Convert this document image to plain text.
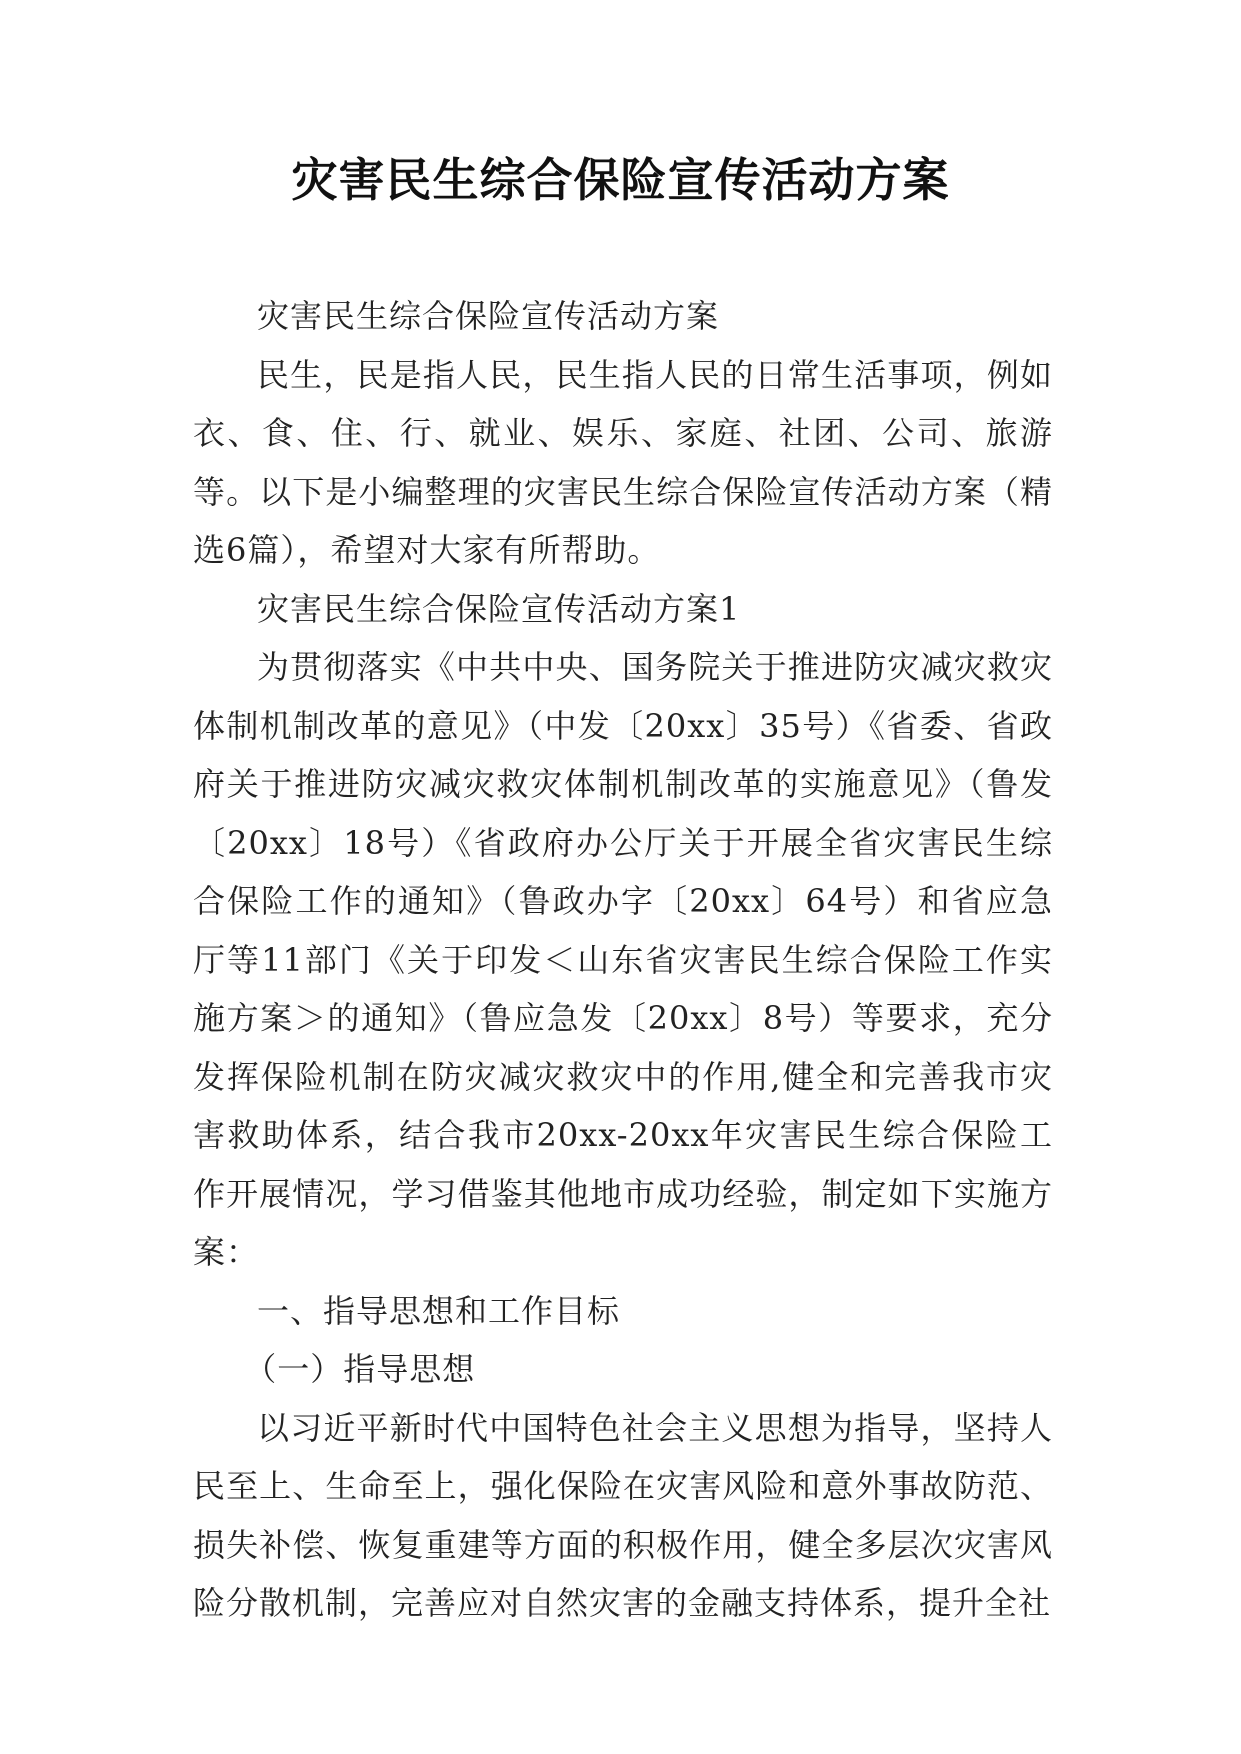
灾害民生综合保险宣传活动方案

灾害民生综合保险宣传活动方案

民生，民是指人民，民生指人民的日常生活事项，例如衣、食、住、行、就业、娱乐、家庭、社团、公司、旅游等。以下是小编整理的灾害民生综合保险宣传活动方案（精选6篇），希望对大家有所帮助。

灾害民生综合保险宣传活动方案1

为贯彻落实《中共中央、国务院关于推进防灾减灾救灾体制机制改革的意见》（中发〔20xx〕35号）《省委、省政府关于推进防灾减灾救灾体制机制改革的实施意见》（鲁发〔20xx〕18号）《省政府办公厅关于开展全省灾害民生综合保险工作的通知》（鲁政办字〔20xx〕64号）和省应急厅等11部门《关于印发＜山东省灾害民生综合保险工作实施方案＞的通知》（鲁应急发〔20xx〕8号）等要求，充分发挥保险机制在防灾减灾救灾中的作用,健全和完善我市灾害救助体系，结合我市20xx-20xx年灾害民生综合保险工作开展情况，学习借鉴其他地市成功经验，制定如下实施方案：

一、指导思想和工作目标

（一）指导思想

以习近平新时代中国特色社会主义思想为指导，坚持人民至上、生命至上，强化保险在灾害风险和意外事故防范、损失补偿、恢复重建等方面的积极作用，健全多层次灾害风险分散机制，完善应对自然灾害的金融支持体系，提升全社
